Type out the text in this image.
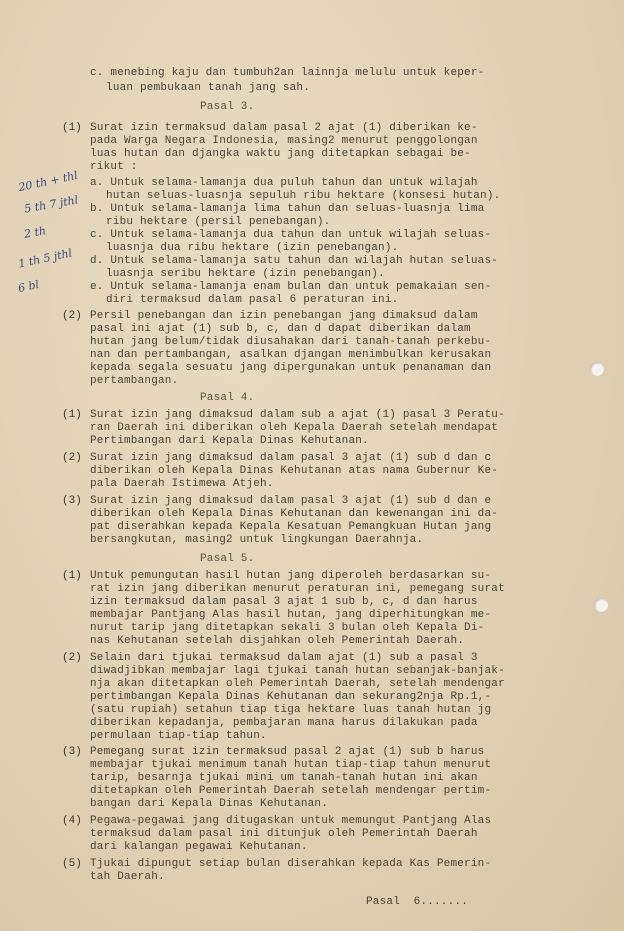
20 th + thl
5 th 7 jthl
2 th
1 th 5 jthl
6 bl
c. menebing kaju dan tumbuh2an lainnja melulu untuk keper-
luan pembukaan tanah jang sah.
Pasal 3.
(1) Surat izin termaksud dalam pasal 2 ajat (1) diberikan ke-
pada Warga Negara Indonesia, masing2 menurut penggolongan
luas hutan dan djangka waktu jang ditetapkan sebagai be-
rikut :
a. Untuk selama-lamanja dua puluh tahun dan untuk wilajah
hutan seluas-luasnja sepuluh ribu hektare (konsesi hutan).
b. Untuk selama-lamanja lima tahun dan seluas-luasnja lima
ribu hektare (persil penebangan).
c. Untuk selama-lamanja dua tahun dan untuk wilajah seluas-
luasnja dua ribu hektare (izin penebangan).
d. Untuk selama-lamanja satu tahun dan wilajah hutan seluas-
luasnja seribu hektare (izin penebangan).
e. Untuk selama-lamanja enam bulan dan untuk pemakaian sen-
diri termaksud dalam pasal 6 peraturan ini.
(2) Persil penebangan dan izin penebangan jang dimaksud dalam
pasal ini ajat (1) sub b, c, dan d dapat diberikan dalam
hutan jang belum/tidak diusahakan dari tanah-tanah perkebu-
nan dan pertambangan, asalkan djangan menimbulkan kerusakan
kepada segala sesuatu jang dipergunakan untuk penanaman dan
pertambangan.
Pasal 4.
(1) Surat izin jang dimaksud dalam sub a ajat (1) pasal 3 Peratu-
ran Daerah ini diberikan oleh Kepala Daerah setelah mendapat
Pertimbangan dari Kepala Dinas Kehutanan.
(2) Surat izin jang dimaksud dalam pasal 3 ajat (1) sub d dan c
diberikan oleh Kepala Dinas Kehutanan atas nama Gubernur Ke-
pala Daerah Istimewa Atjeh.
(3) Surat izin jang dimaksud dalam pasal 3 ajat (1) sub d dan e
diberikan oleh Kepala Dinas Kehutanan dan kewenangan ini da-
pat diserahkan kepada Kepala Kesatuan Pemangkuan Hutan jang
bersangkutan, masing2 untuk lingkungan Daerahnja.
Pasal 5.
(1) Untuk pemungutan hasil hutan jang diperoleh berdasarkan su-
rat izin jang diberikan menurut peraturan ini, pemegang surat
izin termaksud dalam pasal 3 ajat 1 sub b, c, d dan harus
membajar Pantjang Alas hasil hutan, jang diperhitungkan me-
nurut tarip jang ditetapkan sekali 3 bulan oleh Kepala Di-
nas Kehutanan setelah disjahkan oleh Pemerintah Daerah.
(2) Selain dari tjukai termaksud dalam ajat (1) sub a pasal 3
diwadjibkan membajar lagi tjukai tanah hutan sebanjak-banjak-
nja akan ditetapkan oleh Pemerintah Daerah, setelah mendengar
pertimbangan Kepala Dinas Kehutanan dan sekurang2nja Rp.1,-
(satu rupiah) setahun tiap tiga hektare luas tanah hutan jg
diberikan kepadanja, pembajaran mana harus dilakukan pada
permulaan tiap-tiap tahun.
(3) Pemegang surat izin termaksud pasal 2 ajat (1) sub b harus
membajar tjukai menimum tanah hutan tiap-tiap tahun menurut
tarip, besarnja tjukai mini um tanah-tanah hutan ini akan
ditetapkan oleh Pemerintah Daerah setelah mendengar pertim-
bangan dari Kepala Dinas Kehutanan.
(4) Pegawa-pegawai jang ditugaskan untuk memungut Pantjang Alas
termaksud dalam pasal ini ditunjuk oleh Pemerintah Daerah
dari kalangan pegawai Kehutanan.
(5) Tjukai dipungut setiap bulan diserahkan kepada Kas Pemerin-
tah Daerah.
Pasal  6.......
